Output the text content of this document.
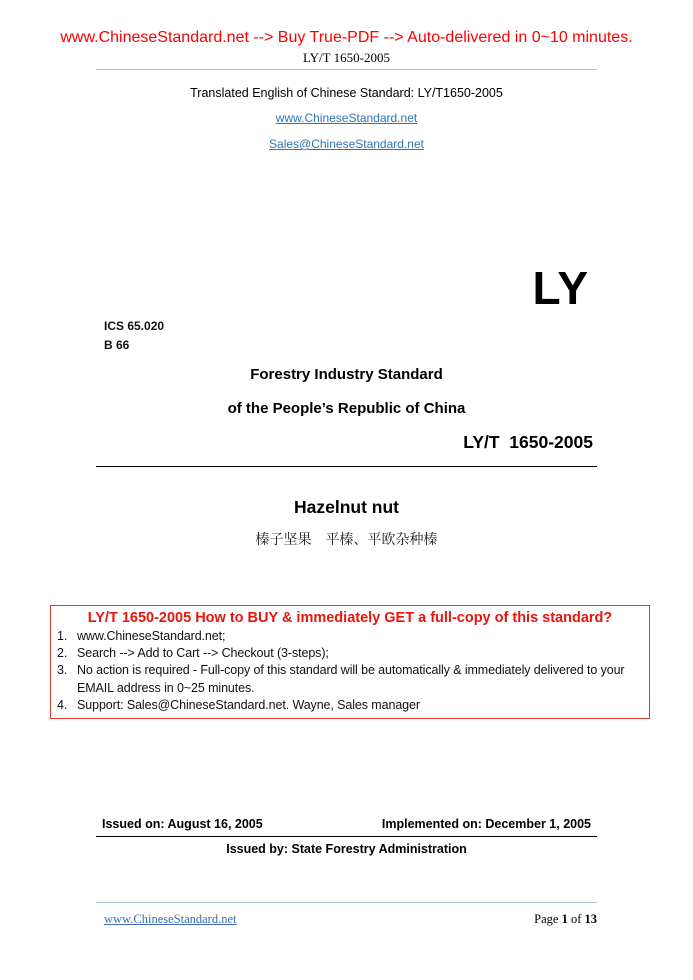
www.ChineseStandard.net --> Buy True-PDF --> Auto-delivered in 0~10 minutes.
LY/T 1650-2005
Translated English of Chinese Standard: LY/T1650-2005
www.ChineseStandard.net
Sales@ChineseStandard.net
LY
ICS 65.020
B 66
Forestry Industry Standard
of the People’s Republic of China
LY/T  1650-2005
Hazelnut nut
榛子坚果　平榛、平欧杂种榛
LY/T 1650-2005 How to BUY & immediately GET a full-copy of this standard?
1. www.ChineseStandard.net;
2. Search --> Add to Cart --> Checkout (3-steps);
3. No action is required - Full-copy of this standard will be automatically & immediately delivered to your EMAIL address in 0~25 minutes.
4. Support: Sales@ChineseStandard.net. Wayne, Sales manager
Issued on: August 16, 2005	Implemented on: December 1, 2005
Issued by: State Forestry Administration
www.ChineseStandard.net	Page 1 of 13
